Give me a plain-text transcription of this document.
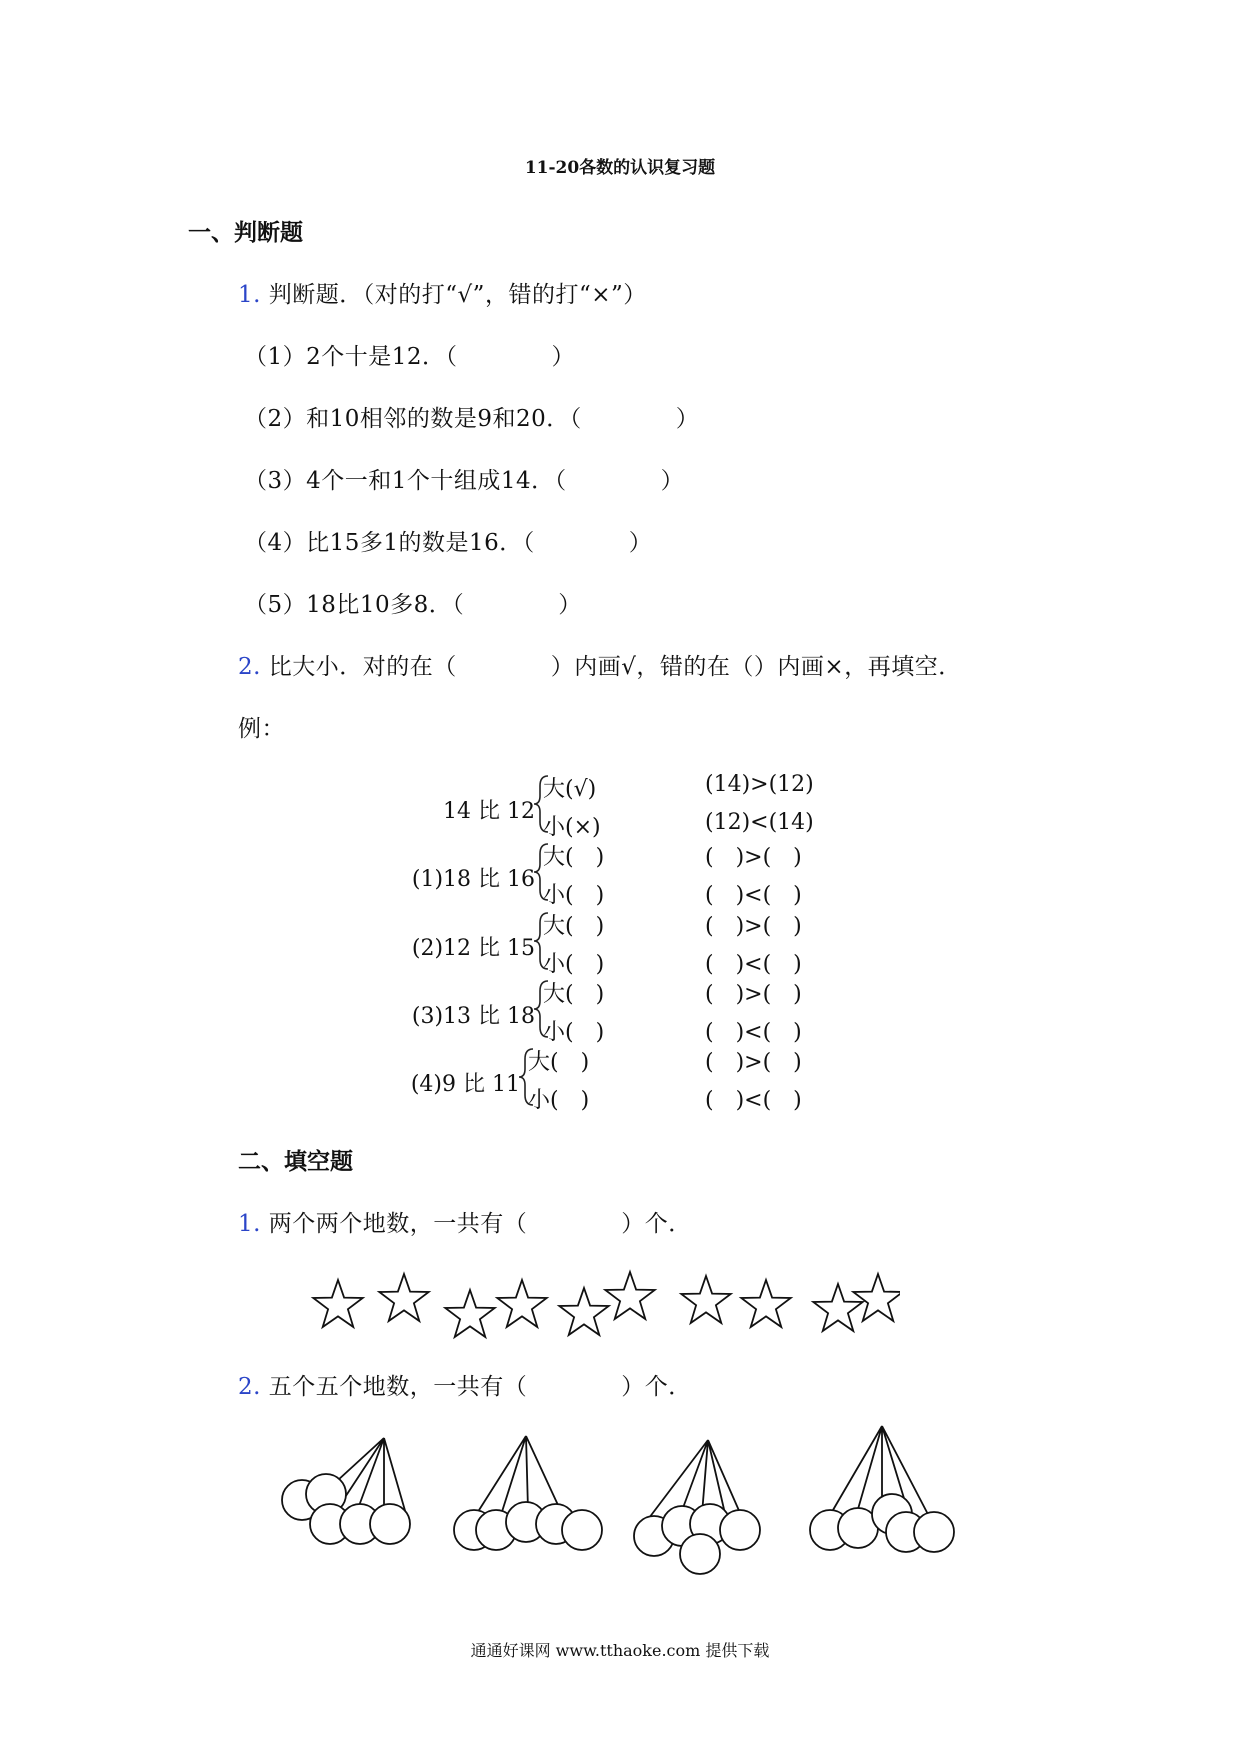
11-20各数的认识复习题
一、判断题
1. 判断题．（对的打“√”，错的打“×”）
（1）2个十是12．（　　　　）
（2）和10相邻的数是9和20．（　　　　）
（3）4个一和1个十组成14．（　　　　）
（4）比15多1的数是16．（　　　　）
（5）18比10多8．（　　　　）
2. 比大小．对的在（　　　　）内画√，错的在（）内画×，再填空．
例：
14 比 12
大(√)
小(×)
(14)>(12)
(12)<(14)
(1)18 比 16
大(　)
小(　)
(　)>(　)
(　)<(　)
(2)12 比 15
大(　)
小(　)
(　)>(　)
(　)<(　)
(3)13 比 18
大(　)
小(　)
(　)>(　)
(　)<(　)
(4)9 比 11
大(　)
小(　)
(　)>(　)
(　)<(　)
二、填空题
1. 两个两个地数，一共有（　　　　）个．
2. 五个五个地数，一共有（　　　　）个．
通通好课网 www.tthaoke.com 提供下载
